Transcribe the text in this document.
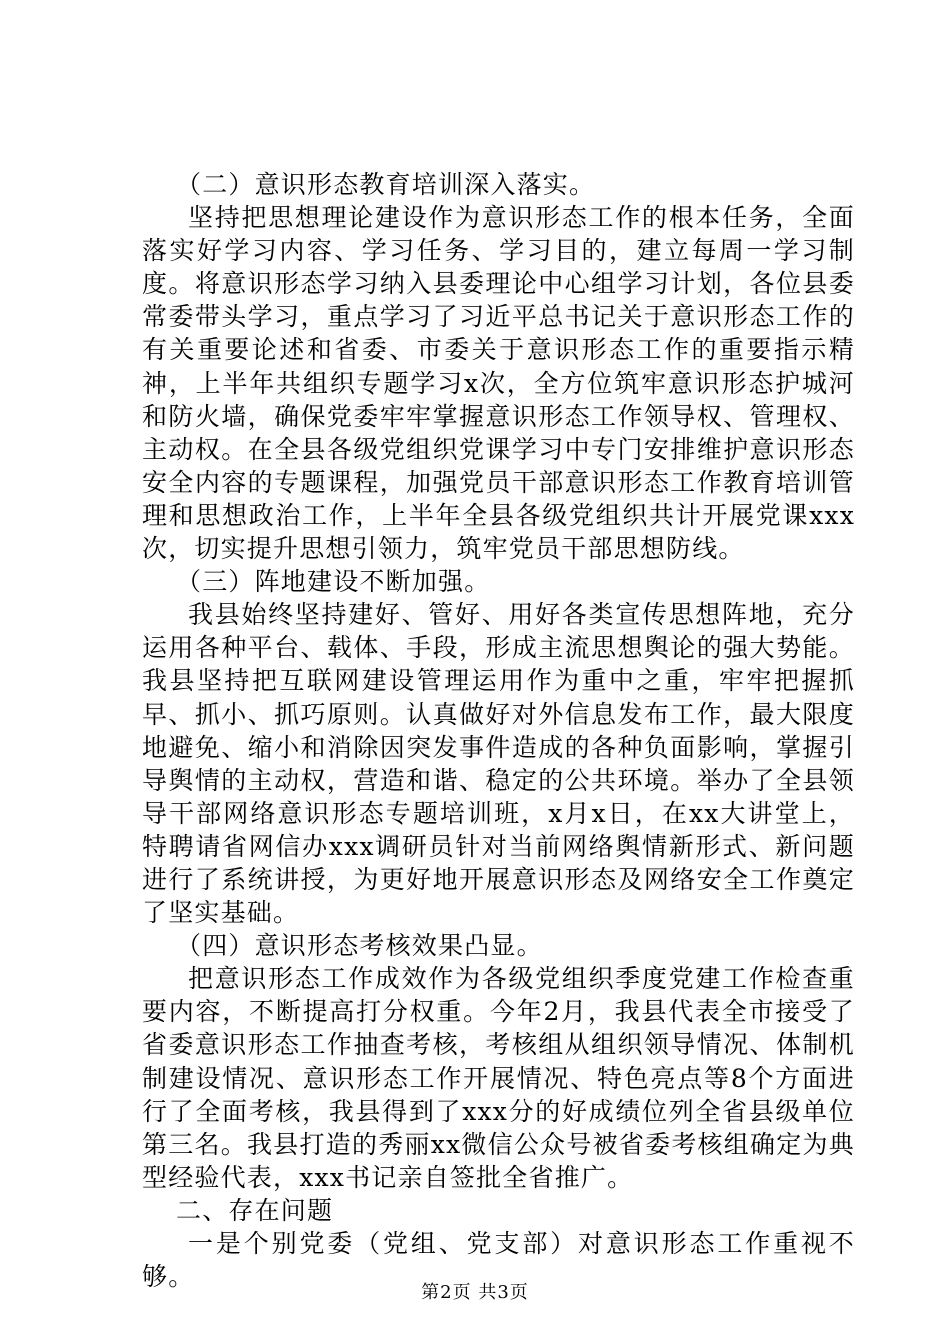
（二）意识形态教育培训深入落实。

坚持把思想理论建设作为意识形态工作的根本任务，全面落实好学习内容、学习任务、学习目的，建立每周一学习制度。将意识形态学习纳入县委理论中心组学习计划，各位县委常委带头学习，重点学习了习近平总书记关于意识形态工作的有关重要论述和省委、市委关于意识形态工作的重要指示精神，上半年共组织专题学习x次，全方位筑牢意识形态护城河和防火墙，确保党委牢牢掌握意识形态工作领导权、管理权、主动权。在全县各级党组织党课学习中专门安排维护意识形态安全内容的专题课程，加强党员干部意识形态工作教育培训管理和思想政治工作，上半年全县各级党组织共计开展党课xxx次，切实提升思想引领力，筑牢党员干部思想防线。

（三）阵地建设不断加强。

我县始终坚持建好、管好、用好各类宣传思想阵地，充分运用各种平台、载体、手段，形成主流思想舆论的强大势能。我县坚持把互联网建设管理运用作为重中之重，牢牢把握抓早、抓小、抓巧原则。认真做好对外信息发布工作，最大限度地避免、缩小和消除因突发事件造成的各种负面影响，掌握引导舆情的主动权，营造和谐、稳定的公共环境。举办了全县领导干部网络意识形态专题培训班，x月x日，在xx大讲堂上，特聘请省网信办xxx调研员针对当前网络舆情新形式、新问题进行了系统讲授，为更好地开展意识形态及网络安全工作奠定了坚实基础。

（四）意识形态考核效果凸显。

把意识形态工作成效作为各级党组织季度党建工作检查重要内容，不断提高打分权重。今年2月，我县代表全市接受了省委意识形态工作抽查考核，考核组从组织领导情况、体制机制建设情况、意识形态工作开展情况、特色亮点等8个方面进行了全面考核，我县得到了xxx分的好成绩位列全省县级单位第三名。我县打造的秀丽xx微信公众号被省委考核组确定为典型经验代表，xxx书记亲自签批全省推广。

二、存在问题

一是个别党委（党组、党支部）对意识形态工作重视不够。

第2页 共3页
